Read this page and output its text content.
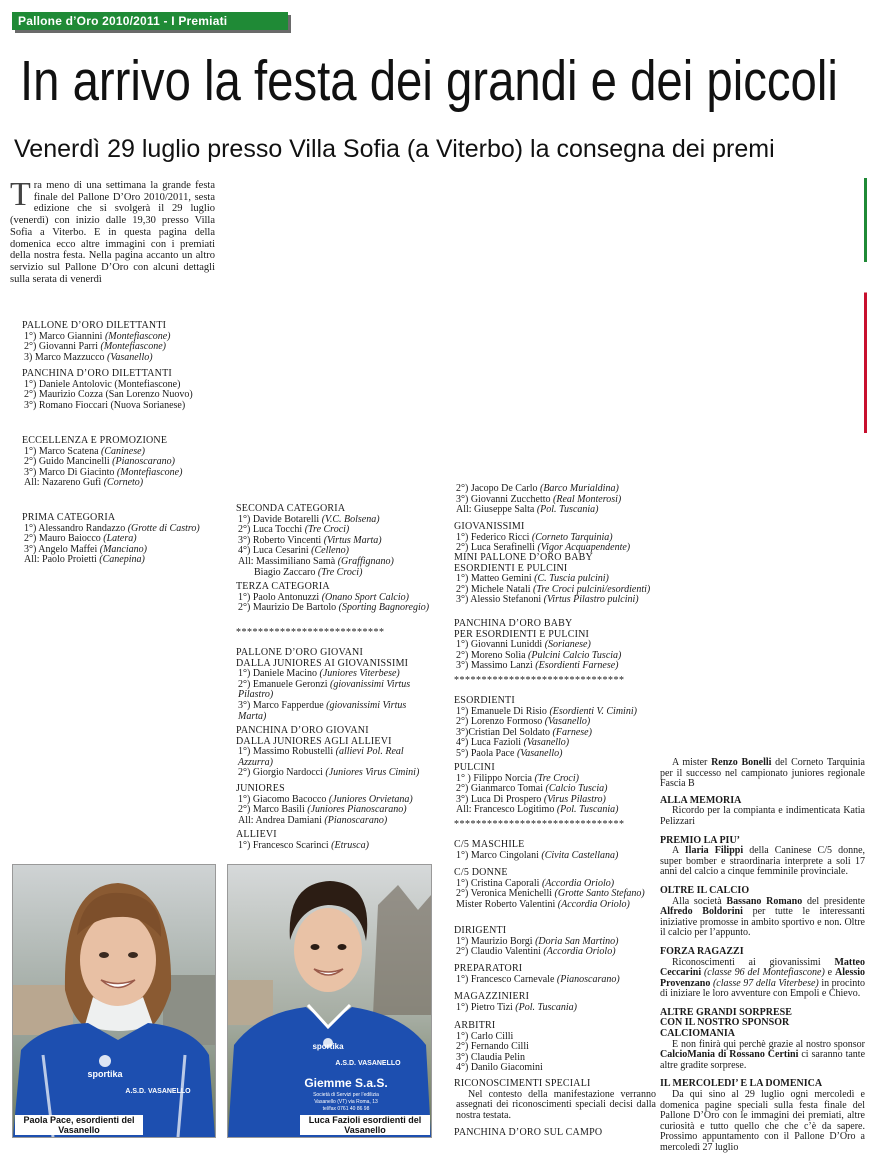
Pallone d’Oro 2010/2011 - I Premiati
In arrivo la festa dei grandi e dei piccoli
Venerdì 29 luglio presso Villa Sofia (a Viterbo) la consegna dei premi
Tra meno di una settimana la grande festa finale del Pallone D’Oro 2010/2011, sesta edizione che si svolgerà il 29 luglio (venerdì) con inizio dalle 19,30 presso Villa Sofia a Viterbo. E in questa pagina della domenica ecco altre immagini con i premiati della nostra festa. Nella pagina accanto un altro servizio sul Pallone D’Oro con alcuni dettagli sulla serata di venerdì
PALLONE D’ORO DILETTANTI
1°) Marco Giannini (Montefiascone)
2°) Giovanni Parri (Montefiascone)
3) Marco Mazzucco (Vasanello)
PANCHINA D’ORO DILETTANTI
1°) Daniele Antolovic (Montefiascone)
2°) Maurizio Cozza (San Lorenzo Nuovo)
3°) Romano Fioccari (Nuova Sorianese)
ECCELLENZA E PROMOZIONE
1°) Marco Scatena (Caninese)
2°) Guido Mancinelli (Pianoscarano)
3°) Marco Di Giacinto (Montefiascone)
All: Nazareno Gufi (Corneto)
PRIMA CATEGORIA
1°) Alessandro Randazzo (Grotte di Castro)
2°) Mauro Baiocco (Latera)
3°) Angelo Maffei (Manciano)
All: Paolo Proietti (Canepina)
SECONDA CATEGORIA
1°) Davide Botarelli (V.C. Bolsena)
2°) Luca Tocchi (Tre Croci)
3°) Roberto Vincenti (Virtus Marta)
4°) Luca Cesarini (Celleno)
All: Massimiliano Samà (Graffignano)
Biagio Zaccaro (Tre Croci)
TERZA CATEGORIA
1°) Paolo Antonuzzi (Onano Sport Calcio)
2°) Maurizio De Bartolo (Sporting Bagnoregio)
***************************
PALLONE D’ORO GIOVANI
DALLA JUNIORES AI GIOVANISSIMI
1°) Daniele Macino (Juniores Viterbese)
2°) Emanuele Geronzi (giovanissimi Virtus Pilastro)
3°) Marco Fapperdue (giovanissimi Virtus Marta)
PANCHINA D’ORO GIOVANI
DALLA JUNIORES AGLI ALLIEVI
1°) Massimo Robustelli (allievi Pol. Real Azzurra)
2°) Giorgio Nardocci (Juniores Virus Cimini)
JUNIORES
1°) Giacomo Bacocco (Juniores Orvietana)
2°) Marco Basili (Juniores Pianoscarano)
All: Andrea Damiani (Pianoscarano)
ALLIEVI
1°) Francesco Scarinci (Etrusca)
2°) Jacopo De Carlo (Barco Murialdina)
3°) Giovanni Zucchetto (Real Monterosi)
All: Giuseppe Salta (Pol. Tuscania)
GIOVANISSIMI
1°) Federico Ricci (Corneto Tarquinia)
2°) Luca Serafinelli (Vigor Acquapendente)
MINI PALLONE D’ORO BABY
ESORDIENTI E PULCINI
1°) Matteo Gemini (C. Tuscia pulcini)
2°) Michele Natali (Tre Croci pulcini/esordienti)
3°) Alessio Stefanoni (Virtus Pilastro pulcini)
PANCHINA D’ORO BABY
PER ESORDIENTI E PULCINI
1°) Giovanni Luniddi (Sorianese)
2°) Moreno Solìa (Pulcini Calcio Tuscia)
3°) Massimo Lanzi (Esordienti Farnese)
*******************************
ESORDIENTI
1°) Emanuele Di Risio (Esordienti V. Cimini)
2°) Lorenzo Formoso (Vasanello)
3°)Cristian Del Soldato (Farnese)
4°) Luca Fazioli (Vasanello)
5°) Paola Pace (Vasanello)
PULCINI
1° ) Filippo Norcia (Tre Croci)
2°) Gianmarco Tomai (Calcio Tuscia)
3°) Luca Di Prospero (Virus Pilastro)
All: Francesco Logitimo (Pol. Tuscania)
*******************************
C/5 MASCHILE
1°) Marco Cingolani (Civita Castellana)
C/5 DONNE
1°) Cristina Caporali (Accordia Oriolo)
2°) Veronica Menichelli (Grotte Santo Stefano)
Mister Roberto Valentini (Accordia Oriolo)
DIRIGENTI
1°) Maurizio Borgi (Doria San Martino)
2°) Claudio Valentini (Accordia Oriolo)
PREPARATORI
1°) Francesco Carnevale (Pianoscarano)
MAGAZZINIERI
1°) Pietro Tizi (Pol. Tuscania)
ARBITRI
1°) Carlo Cilli
2°) Fernando Cilli
3°) Claudia Pelin
4°) Danilo Giacomini
RICONOSCIMENTI SPECIALI
Nel contesto della manifestazione verranno assegnati dei riconoscimenti speciali decisi dalla nostra testata.
PANCHINA D’ORO SUL CAMPO

A mister Renzo Bonelli del Corneto Tarquinia per il successo nel campionato juniores regionale Fascia B

ALLA MEMORIA

Ricordo per la compianta e indimenticata Katia Pelizzari

PREMIO LA PIU’

A Ilaria Filippi della Caninese C/5 donne, super bomber e straordinaria interprete a soli 17 anni del calcio a cinque femminile provinciale.

OLTRE IL CALCIO

Alla società Bassano Romano del presidente Alfredo Boldorini per tutte le interessanti iniziative promosse in ambito sportivo e non. Oltre il calcio per l’appunto.

FORZA RAGAZZI

Riconoscimenti ai giovanissimi Matteo Ceccarini (classe 96 del Montefiascone) e Alessio Provenzano (classe 97 della Viterbese) in procinto di iniziare le loro avventure con Empoli e Chievo.

ALTRE GRANDI SORPRESE

CON IL NOSTRO SPONSOR

CALCIOMANIA

E non finirà qui perchè grazie al nostro sponsor CalcioMania di Rossano Certini ci saranno tante altre gradite sorprese.

IL MERCOLEDI’ E LA DOMENICA

Da qui sino al 29 luglio ogni mercoledì e domenica pagine speciali sulla festa finale del Pallone D’Oro con le immagini dei premiati, altre curiosità e tutto quello che che c’è da sapere. Prossimo appuntamento con il Pallone D’Oro a mercoledì 27 luglio

sportika
A.S.D. VASANELLO
Paola Pace, esordienti del Vasanello
sportika
A.S.D. VASANELLO
Giemme S.a.S.
Società di Servizi per l’edilizia
Vasanello (VT) via Roma, 13
tel/fax 0761 40 86 98
Luca Fazioli esordienti del Vasanello
